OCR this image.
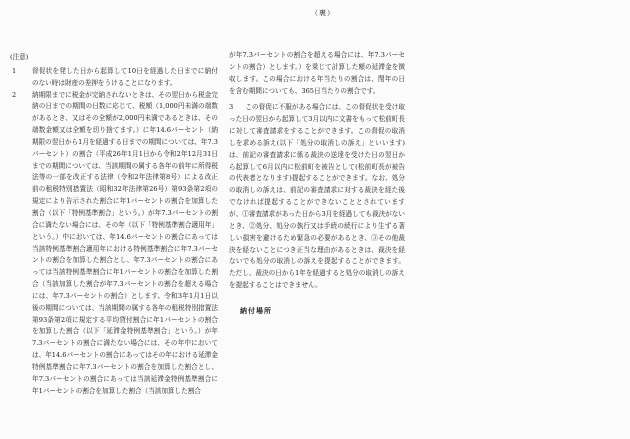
（裏）
(注意)
1 督促状を発した日から起算して10日を経過した日までに納付のない時は財産の差押をうけることになります。
2 納期限までに税金が完納されないときは、その翌日から税金完納の日までの期間の日数に応じて、税額（1,000円未満の端数があるとき、又はその全額が2,000円未満であるときは、その端数金額又は全額を切り捨てます。）に年14.6パーセント（納期限の翌日から1月を経過する日までの期間については、年7.3パーセント）の割合（平成26年1月1日から令和2年12月31日までの期間については、当該期間の属する各年の前年に所得税法等の一部を改正する法律（令和2年法律第8号）による改正前の租税特別措置法（昭和32年法律第26号）第93条第2項の規定により告示された割合に年1パーセントの割合を加算した割合（以下「特例基準割合」という。）が年7.3パーセントの割合に満たない場合には、その年（以下「特例基準割合適用年」という。）中においては、年14.6パーセントの割合にあっては当該特例基準割合適用年における特例基準割合に年7.3パーセントの割合を加算した割合とし、年7.3パーセントの割合にあっては当該特例基準割合に年1パーセントの割合を加算した割合（当該加算した割合が年7.3パーセントの割合を超える場合には、年7.3パーセントの割合）とします。令和3年1月1日以後の期間については、当該期間の属する各年の租税特別措置法第93条第2項に規定する平均貸付割合に年1パーセントの割合を加算した割合（以下「延滞金特例基準割合」という。）が年7.3パーセントの割合に満たない場合には、その年中においては、年14.6パーセントの割合にあってはその年における延滞金特例基準割合に年7.3パーセントの割合を加算した割合とし、年7.3パーセントの割合にあっては当該延滞金特例基準割合に年1パーセントの割合を加算した割合（当該加算した割合
が年7.3パーセントの割合を超える場合には、年7.3パーセントの割合）とします。）を乗じて計算した額の延滞金を徴収します。この場合における年当たりの割合は、閏年の日を含む期間についても、365日当たりの割合です。
3 この督促に不服がある場合には、この督促状を受け取った日の翌日から起算して3月以内に文書をもって松前町長に対して審査請求をすることができます。この督促の取消しを求める訴え(以下「処分の取消しの訴え」といいます)は、前記の審査請求に係る裁決の送達を受けた日の翌日から起算して6月以内に松前町を被告として(松前町長が被告の代表者となります)提起することができます。なお、処分の取消しの訴えは、前記の審査請求に対する裁決を経た後でなければ提起することができないこととされていますが、①審査請求があった日から3月を経過しても裁決がないとき、②処分、処分の執行又は手続の続行により生ずる著しい損害を避けるため緊急の必要があるとき、③その他裁決を経ないことにつき正当な理由があるときは、裁決を経ないでも処分の取消しの訴えを提起することができます。ただし、裁決の日から1年を経過すると処分の取消しの訴えを提起することはできません。
納付場所
